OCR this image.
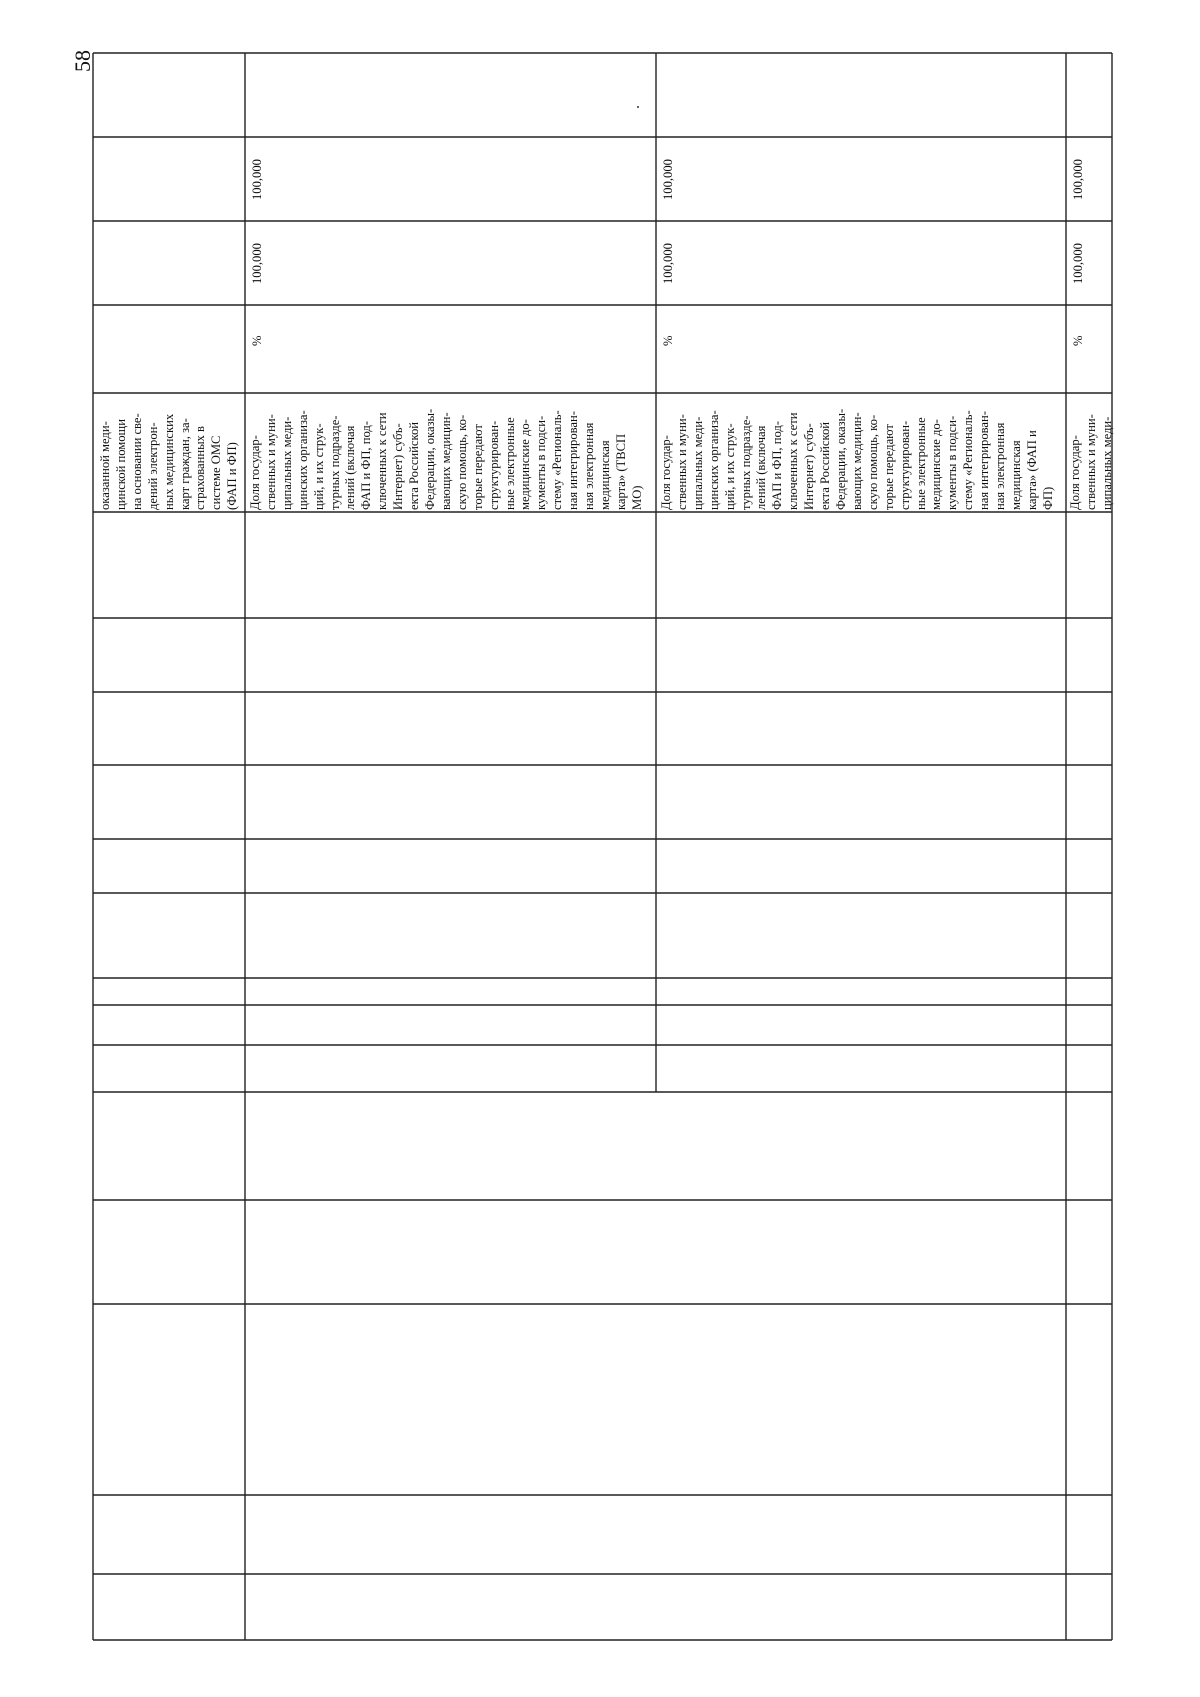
58
оказанной меди-
цинской помощи
на основании све-
дений электрон-
ных медицинских
карт граждан, за-
страхованных в
системе ОМС
(ФАП и ФП)
Доля государ-
ственных и муни-
ципальных меди-
цинских организа-
ций, и их струк-
турных подразде-
лений (включая
ФАП и ФП, под-
ключенных к сети
Интернет) субъ-
екта Российской
Федерации, оказы-
вающих медицин-
скую помощь, ко-
торые передают
структурирован-
ные электронные
медицинские до-
кументы в подси-
стему «Региональ-
ная интегрирован-
ная электронная
медицинская
карта» (ТВСП
МО) Доля государ-
ственных и муни-
ципальных меди-
цинских организа-
ций, и их струк-
турных подразде-
лений (включая
ФАП и ФП, под-
ключенных к сети
Интернет) субъ-
екта Российской
Федерации, оказы-
вающих медицин-
скую помощь, ко-
торые передают
структурирован-
ные электронные
медицинские до-
кументы в подси-
стему «Региональ-
ная интегрирован-
ная электронная
медицинская
карта» (ФАП и
ФП) Доля государ-
ственных и муни-
ципальных меди-
%	%	%
100,000
100,000
100,000
100,000
100,000
100,000
